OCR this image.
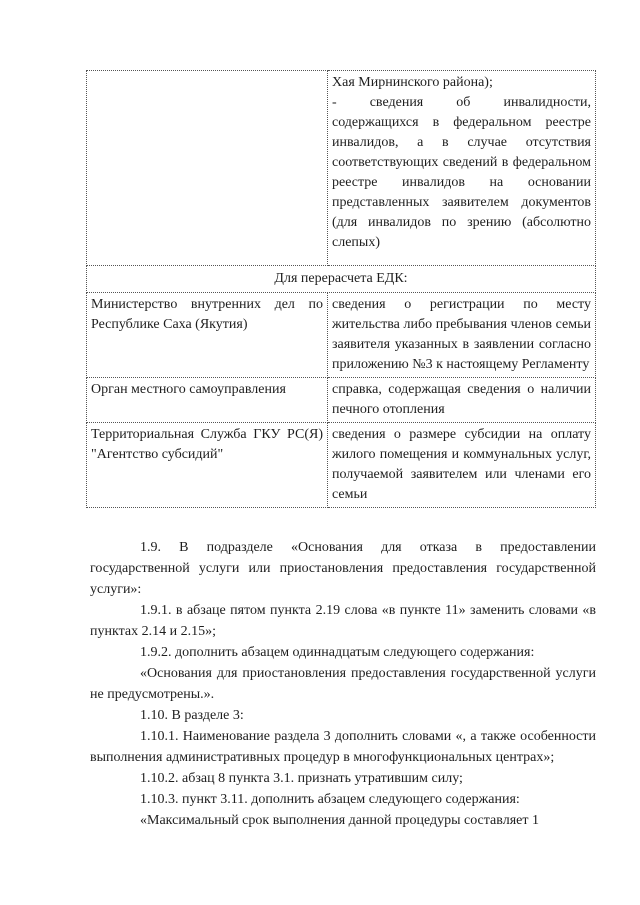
	Хая Мирнинского района);
- сведения об инвалидности, содержащихся в федеральном реестре инвалидов, а в случае отсутствия соответствующих сведений в федеральном реестре инвалидов на основании представленных заявителем документов (для инвалидов по зрению (абсолютно слепых)

Для перерасчета ЕДК:	
Министерство внутренних дел по Республике Саха (Якутия)	сведения о регистрации по месту жительства либо пребывания членов семьи заявителя указанных в заявлении согласно приложению №3 к настоящему Регламенту
Орган местного самоуправления	справка, содержащая сведения о наличии печного отопления
Территориальная Служба ГКУ РС(Я) "Агентство субсидий"	сведения о размере субсидии на оплату жилого помещения и коммунальных услуг, получаемой заявителем или членами его семьи

1.9. В подразделе «Основания для отказа в предоставлении государственной услуги или приостановления предоставления государственной услуги»:

1.9.1. в абзаце пятом пункта 2.19 слова «в пункте 11» заменить словами «в пунктах 2.14 и 2.15»;

1.9.2. дополнить абзацем одиннадцатым следующего содержания:

«Основания для приостановления предоставления государственной услуги не предусмотрены.».

1.10. В разделе 3:

1.10.1. Наименование раздела 3 дополнить словами «, а также особенности выполнения административных процедур в многофункциональных центрах»;

1.10.2. абзац 8 пункта 3.1. признать утратившим силу;

1.10.3. пункт 3.11. дополнить абзацем следующего содержания:

«Максимальный срок выполнения данной процедуры составляет 1
